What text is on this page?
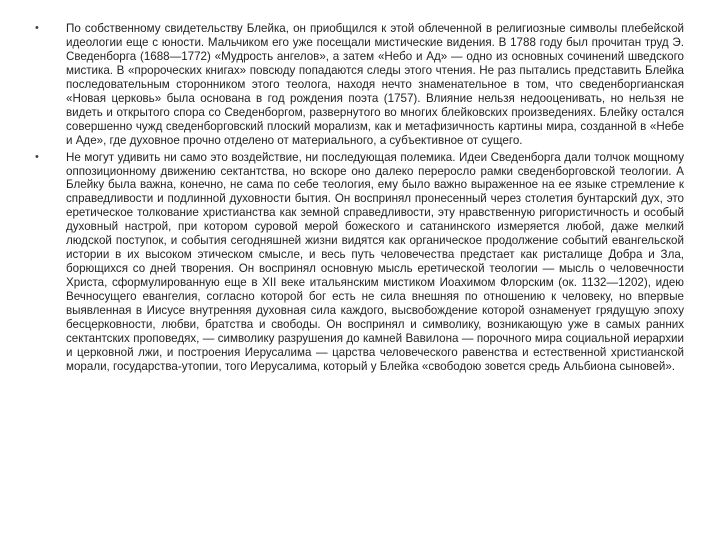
• По собственному свидетельству Блейка, он приобщился к этой облеченной в религиозные символы плебейской идеологии еще с юности. Мальчиком его уже посещали мистические видения. В 1788 году был прочитан труд Э. Сведенборга (1688—1772) «Мудрость ангелов», а затем «Небо и Ад» — одно из основных сочинений шведского мистика. В «пророческих книгах» повсюду попадаются следы этого чтения. Не раз пытались представить Блейка последовательным сторонником этого теолога, находя нечто знаменательное в том, что сведенборгианская «Новая церковь» была основана в год рождения поэта (1757). Влияние нельзя недооценивать, но нельзя не видеть и открытого спора со Сведенборгом, развернутого во многих блейковских произведениях. Блейку остался совершенно чужд сведенборговский плоский морализм, как и метафизичность картины мира, созданной в «Небе и Аде», где духовное прочно отделено от материального, а субъективное от сущего.
• Не могут удивить ни само это воздействие, ни последующая полемика. Идеи Сведенборга дали толчок мощному оппозиционному движению сектантства, но вскоре оно далеко переросло рамки сведенборговской теологии. А Блейку была важна, конечно, не сама по себе теология, ему было важно выраженное на ее языке стремление к справедливости и подлинной духовности бытия. Он воспринял пронесенный через столетия бунтарский дух, это еретическое толкование христианства как земной справедливости, эту нравственную ригористичность и особый духовный настрой, при котором суровой мерой божеского и сатанинского измеряется любой, даже мелкий людской поступок, и события сегодняшней жизни видятся как органическое продолжение событий евангельской истории в их высоком этическом смысле, и весь путь человечества предстает как ристалище Добра и Зла, борющихся со дней творения. Он воспринял основную мысль еретической теологии — мысль о человечности Христа, сформулированную еще в XII веке итальянским мистиком Иоахимом Флорским (ок. 1132—1202), идею Вечносущего евангелия, согласно которой бог есть не сила внешняя по отношению к человеку, но впервые выявленная в Иисусе внутренняя духовная сила каждого, высвобождение которой ознаменует грядущую эпоху бесцерковности, любви, братства и свободы. Он воспринял и символику, возникающую уже в самых ранних сектантских проповедях, — символику разрушения до камней Вавилона — порочного мира социальной иерархии и церковной лжи, и построения Иерусалима — царства человеческого равенства и естественной христианской морали, государства-утопии, того Иерусалима, который у Блейка «свободою зовется средь Альбиона сыновей».
